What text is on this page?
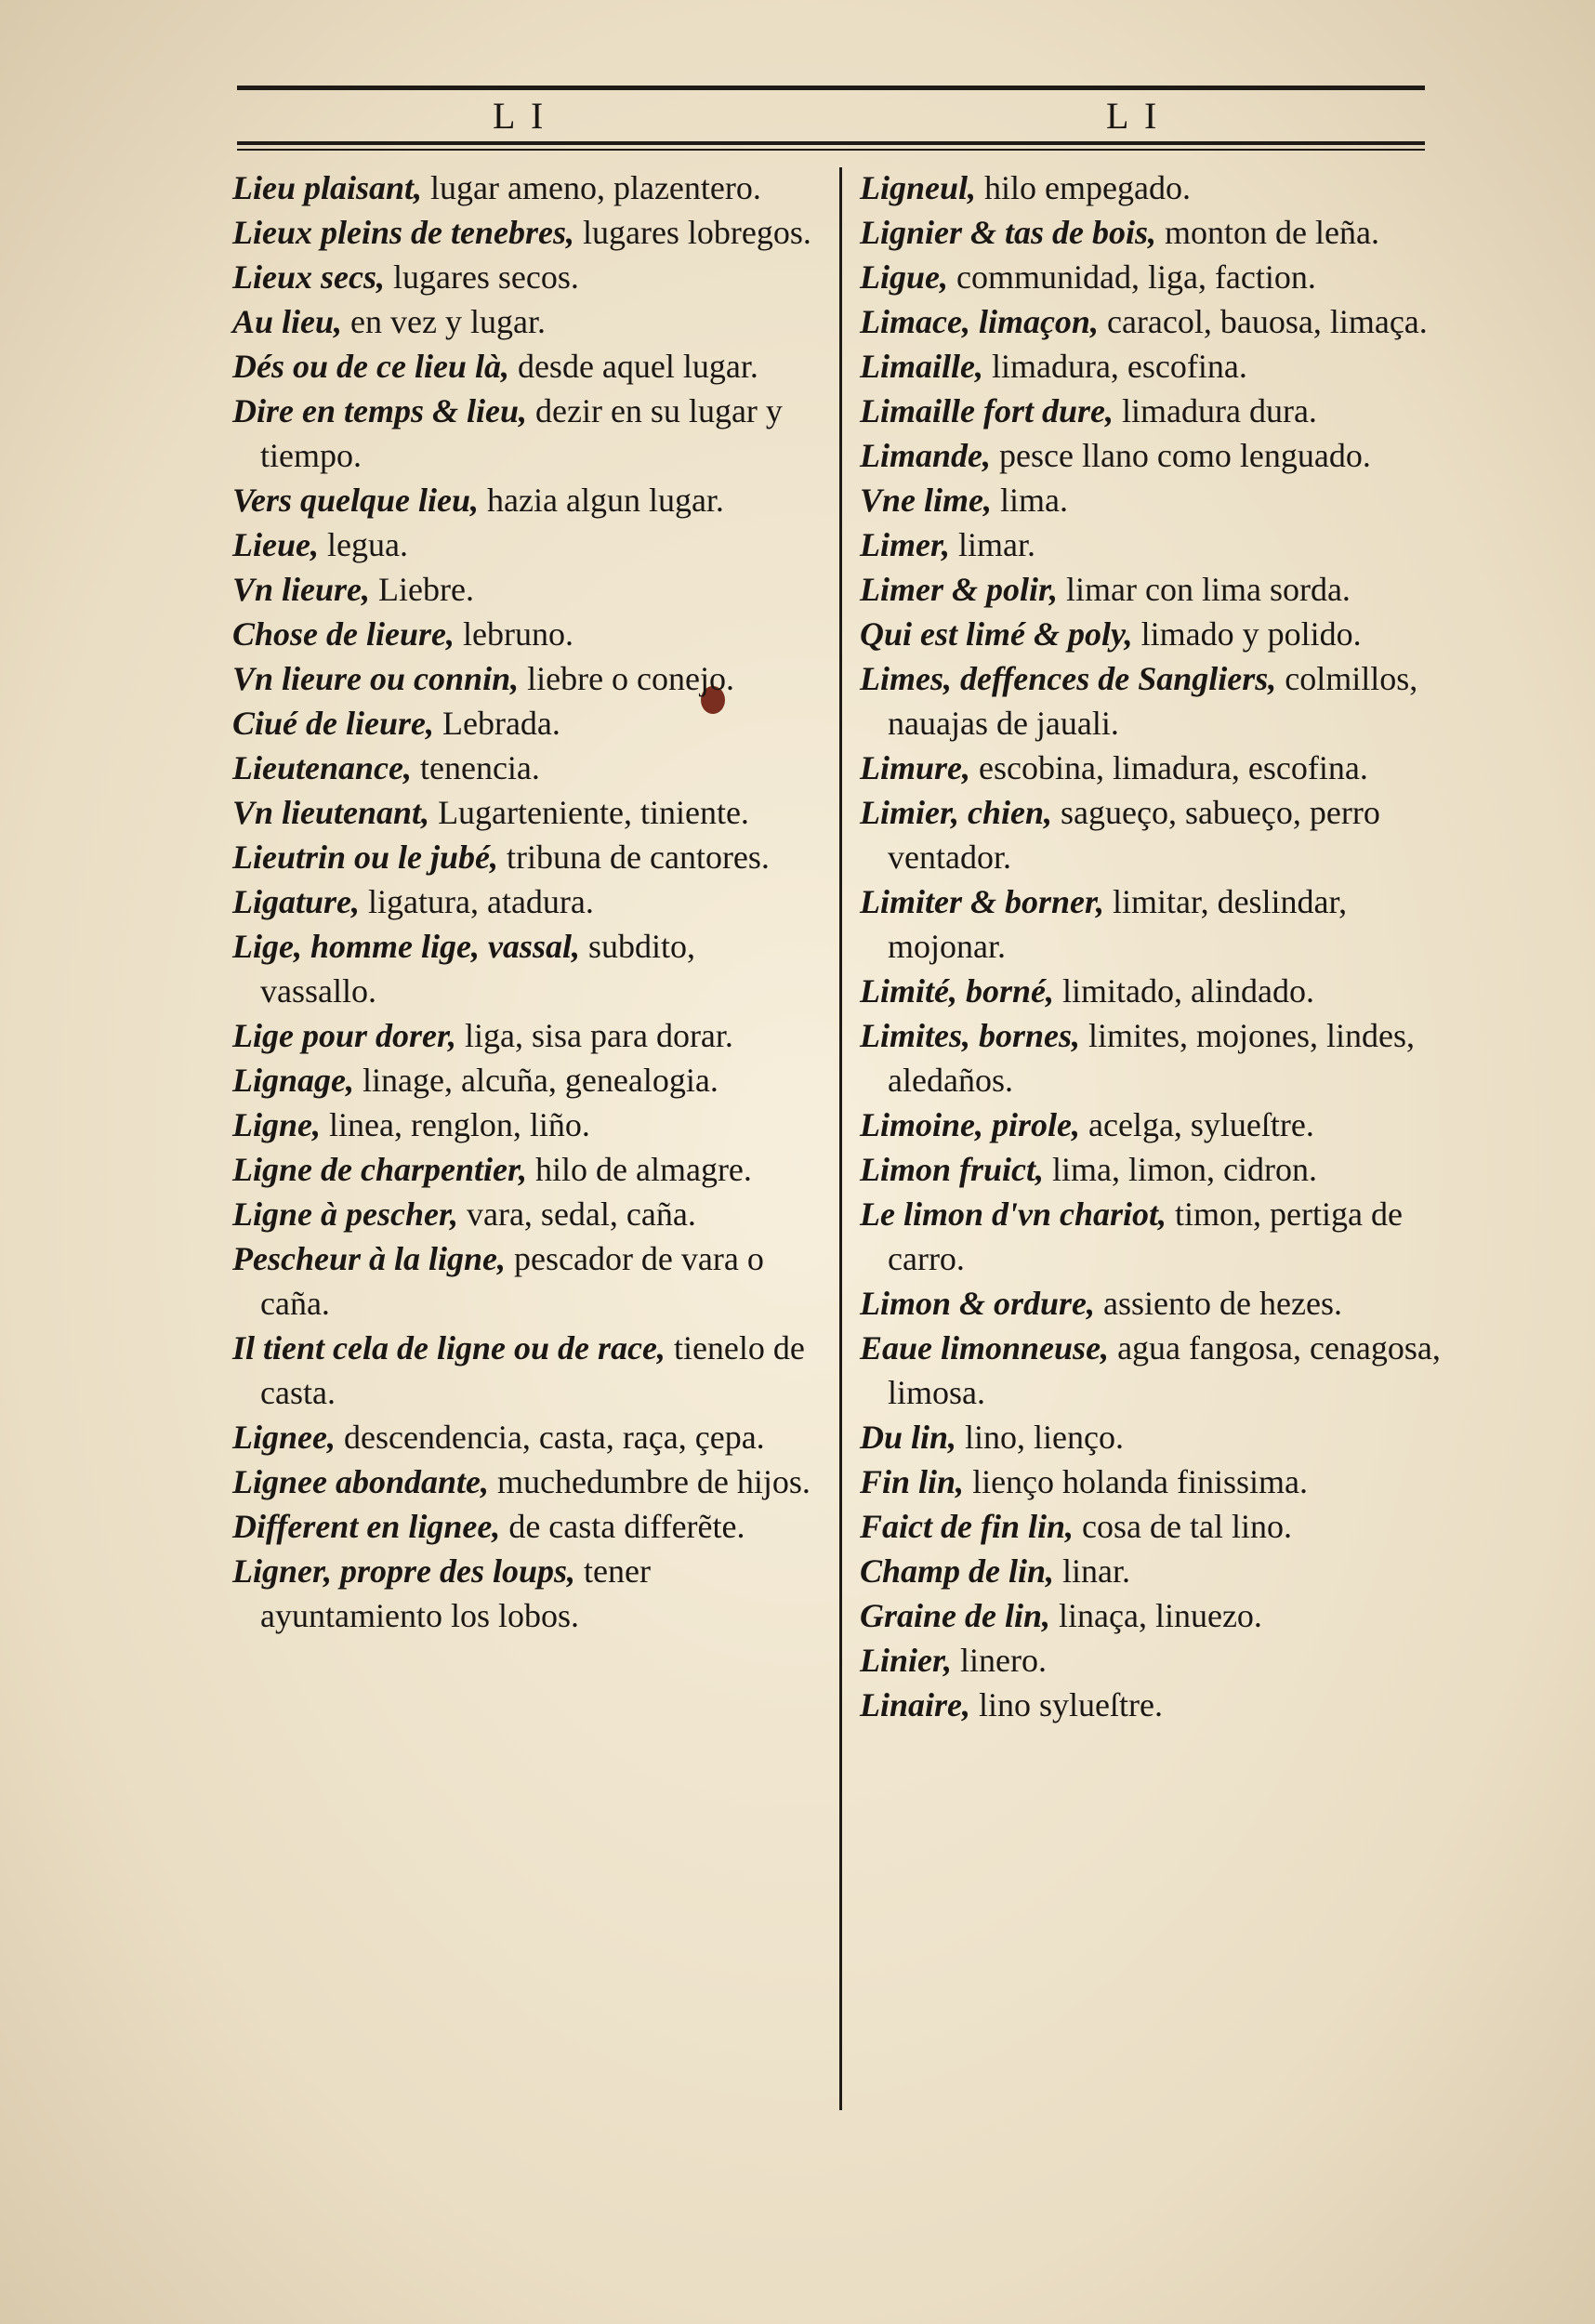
L I	L I

Lieu plaisant, lugar ameno, plazentero.

Lieux pleins de tenebres, lugares lobregos.

Lieux secs, lugares secos.

Au lieu, en vez y lugar.

Dés ou de ce lieu là, desde aquel lugar.

Dire en temps & lieu, dezir en su lugar y tiempo.

Vers quelque lieu, hazia algun lugar.

Lieue, legua.

Vn lieure, Liebre.

Chose de lieure, lebruno.

Vn lieure ou connin, liebre o conejo.

Ciué de lieure, Lebrada.

Lieutenance, tenencia.

Vn lieutenant, Lugarteniente, tiniente.

Lieutrin ou le jubé, tribuna de cantores.

Ligature, ligatura, atadura.

Lige, homme lige, vassal, subdito, vassallo.

Lige pour dorer, liga, sisa para dorar.

Lignage, linage, alcuña, genealogia.

Ligne, linea, renglon, liño.

Ligne de charpentier, hilo de almagre.

Ligne à pescher, vara, sedal, caña.

Pescheur à la ligne, pescador de vara o caña.

Il tient cela de ligne ou de race, tienelo de casta.

Lignee, descendencia, casta, raça, çepa.

Lignee abondante, muchedumbre de hijos.

Different en lignee, de casta differẽte.

Ligner, propre des loups, tener ayuntamiento los lobos.

Ligneul, hilo empegado.

Lignier & tas de bois, monton de leña.

Ligue, communidad, liga, faction.

Limace, limaçon, caracol, bauosa, limaça.

Limaille, limadura, escofina.

Limaille fort dure, limadura dura.

Limande, pesce llano como lenguado.

Vne lime, lima.

Limer, limar.

Limer & polir, limar con lima sorda.

Qui est limé & poly, limado y polido.

Limes, deffences de Sangliers, colmillos, nauajas de jauali.

Limure, escobina, limadura, escofina.

Limier, chien, sagueço, sabueço, perro ventador.

Limiter & borner, limitar, deslindar, mojonar.

Limité, borné, limitado, alindado.

Limites, bornes, limites, mojones, lindes, aledaños.

Limoine, pirole, acelga, sylueſtre.

Limon fruict, lima, limon, cidron.

Le limon d'vn chariot, timon, pertiga de carro.

Limon & ordure, assiento de hezes.

Eaue limonneuse, agua fangosa, cenagosa, limosa.

Du lin, lino, lienço.

Fin lin, lienço holanda finissima.

Faict de fin lin, cosa de tal lino.

Champ de lin, linar.

Graine de lin, linaça, linuezo.

Linier, linero.

Linaire, lino sylueſtre.
